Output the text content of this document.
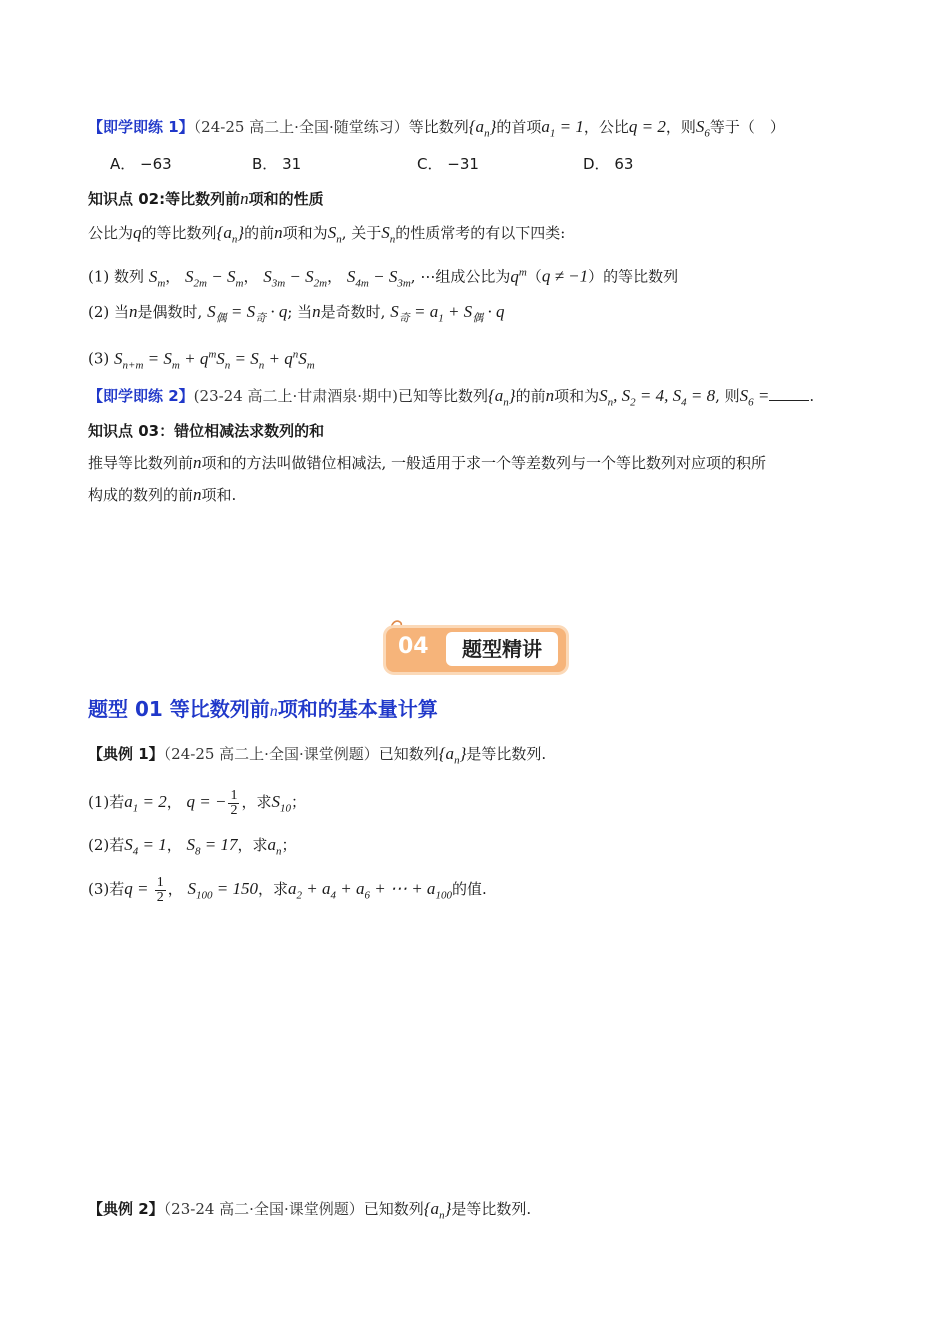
【即学即练 1】（24-25 高二上·全国·随堂练习）等比数列$\{a_n\}$的首项$a_1 = 1$，公比q = 2，则$S_6$等于（　）
A． −63	B． 31	C． −31	D． 63
知识点 02:等比数列前n项和的性质
公比为q的等比数列$\{a_n\}$的前n项和为$S_n$, 关于$S_n$的性质常考的有以下四类:
(1) 数列 $S_m$， $S_{2m} - S_m$， $S_{3m} - S_{2m}$， $S_{4m} - S_{3m}$, ⋯组成公比为$q^m(q \ne -1)$的等比数列
(2) 当n是偶数时, $S_偶 = S_奇 \cdot q$; 当n是奇数时, $S_奇 = a_1 + S_偶 \cdot q$
(3) $S_{n+m} = S_m + q^mS_n = S_n + q^nS_m$
【即学即练 2】(23-24 高二上·甘肃酒泉·期中)已知等比数列$\{a_n\}$的前n项和为$S_n$, $S_2 = 4$, $S_4 = 8$, 则$S_6$ =	.
知识点 03：错位相减法求数列的和
推导等比数列前n项和的方法叫做错位相减法, 一般适用于求一个等差数列与一个等比数列对应项的积所
构成的数列的前n项和.
04	题型精讲
题型 01 等比数列前n项和的基本量计算
【典例 1】（24-25 高二上·全国·课堂例题）已知数列$\{a_n\}$是等比数列.
(1)若$a_1 = 2$， q = − $\frac{1}{2}$ ，求$S_{10}$；
(2)若$S_4 = 1$， $S_8 = 17$，求$a_n$；
(3)若$q = \frac{1}{2}$ ， $S_{100} = 150$，求$a_2 + a_4 + a_6$ + ⋯ + $a_{100}$的值.
【典例 2】（23-24 高二·全国·课堂例题）已知数列$\{a_n\}$是等比数列.
